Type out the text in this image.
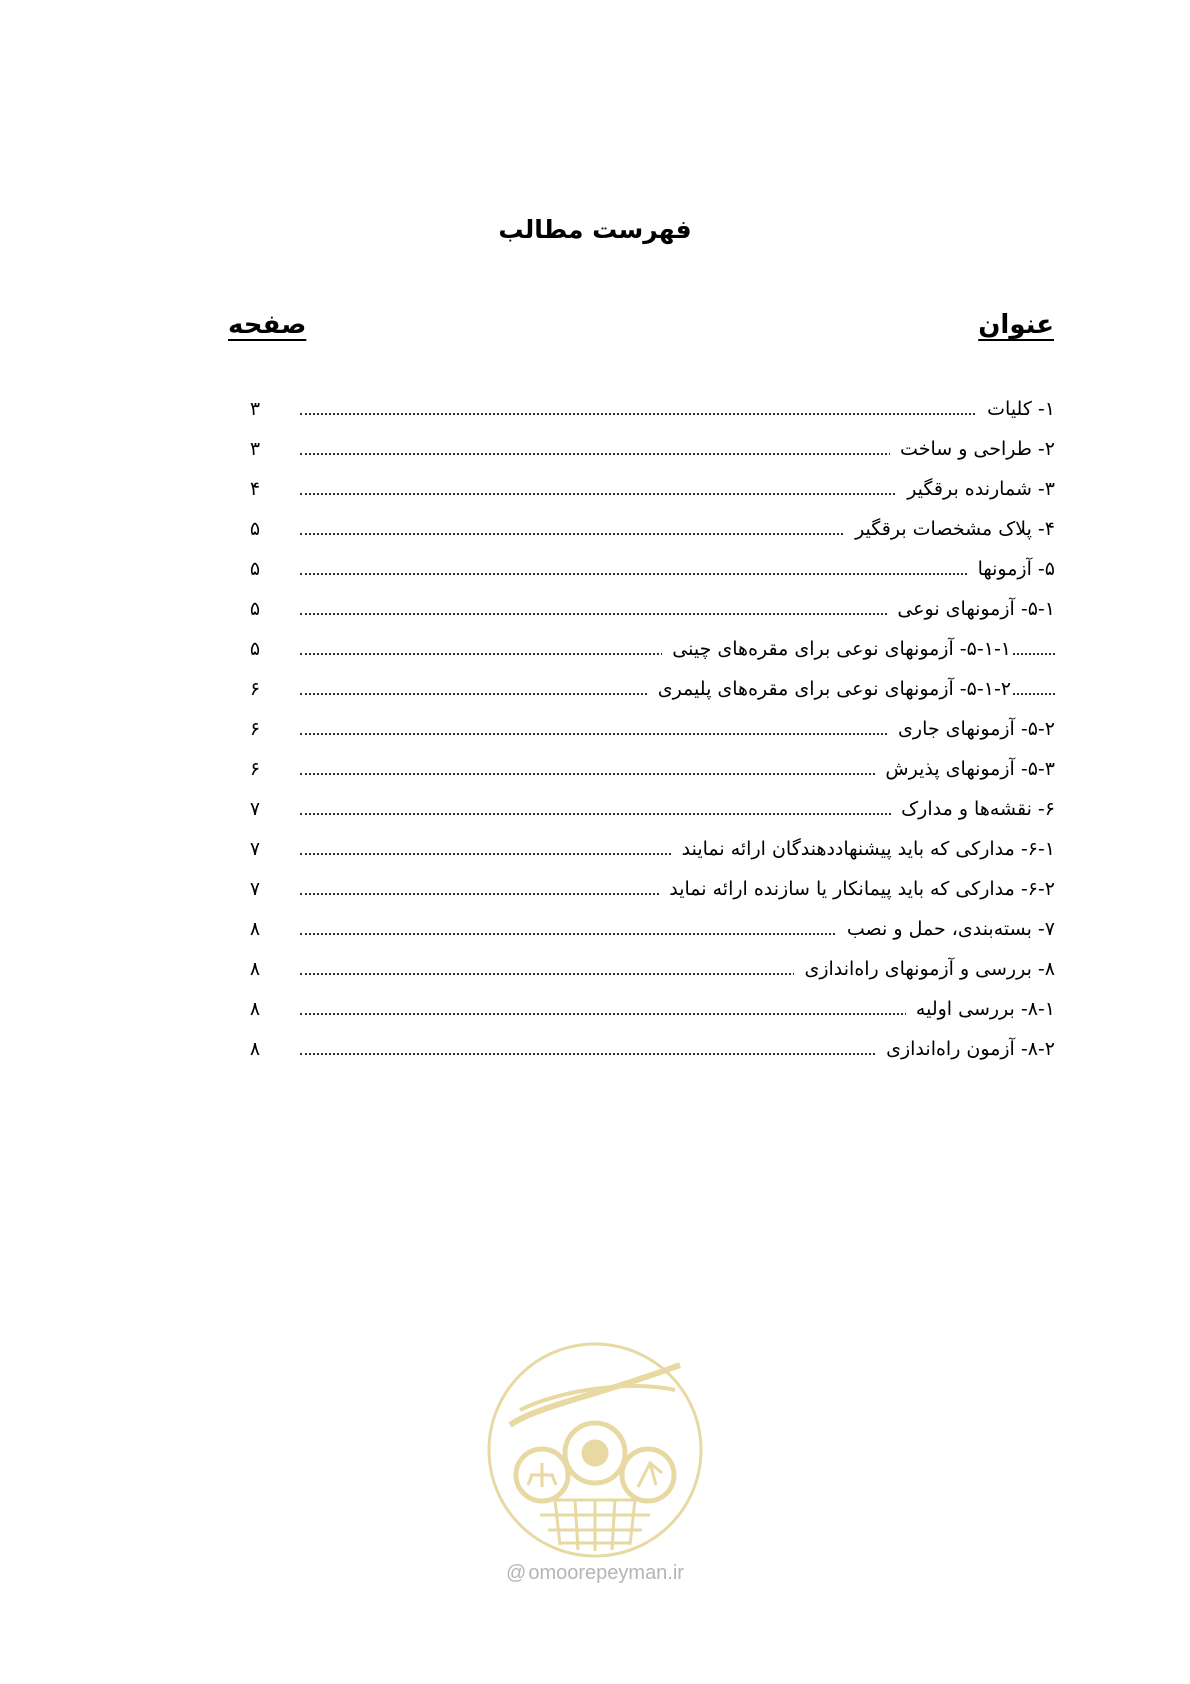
فهرست مطالب
عنوان
صفحه
۱- کلیات
۳
۲- طراحی و ساخت
۳
۳- شمارنده برقگیر
۴
۴- پلاک مشخصات برقگیر
۵
۵- آزمونها
۵
۵-۱- آزمونهای نوعی
۵
۵-۱-۱- آزمونهای نوعی برای مقره‌های چینی
۵
۵-۱-۲- آزمونهای نوعی برای مقره‌های پلیمری
۶
۵-۲- آزمونهای جاری
۶
۵-۳- آزمونهای پذیرش
۶
۶- نقشه‌ها و مدارک
۷
۶-۱- مدارکی که باید پیشنهاددهندگان ارائه نمایند
۷
۶-۲- مدارکی که باید پیمانکار یا سازنده ارائه نماید
۷
۷- بسته‌بندی، حمل و نصب
۸
۸- بررسی و آزمونهای راه‌اندازی
۸
۸-۱- بررسی اولیه
۸
۸-۲- آزمون راه‌اندازی
۸
@ omoorepeyman.ir
